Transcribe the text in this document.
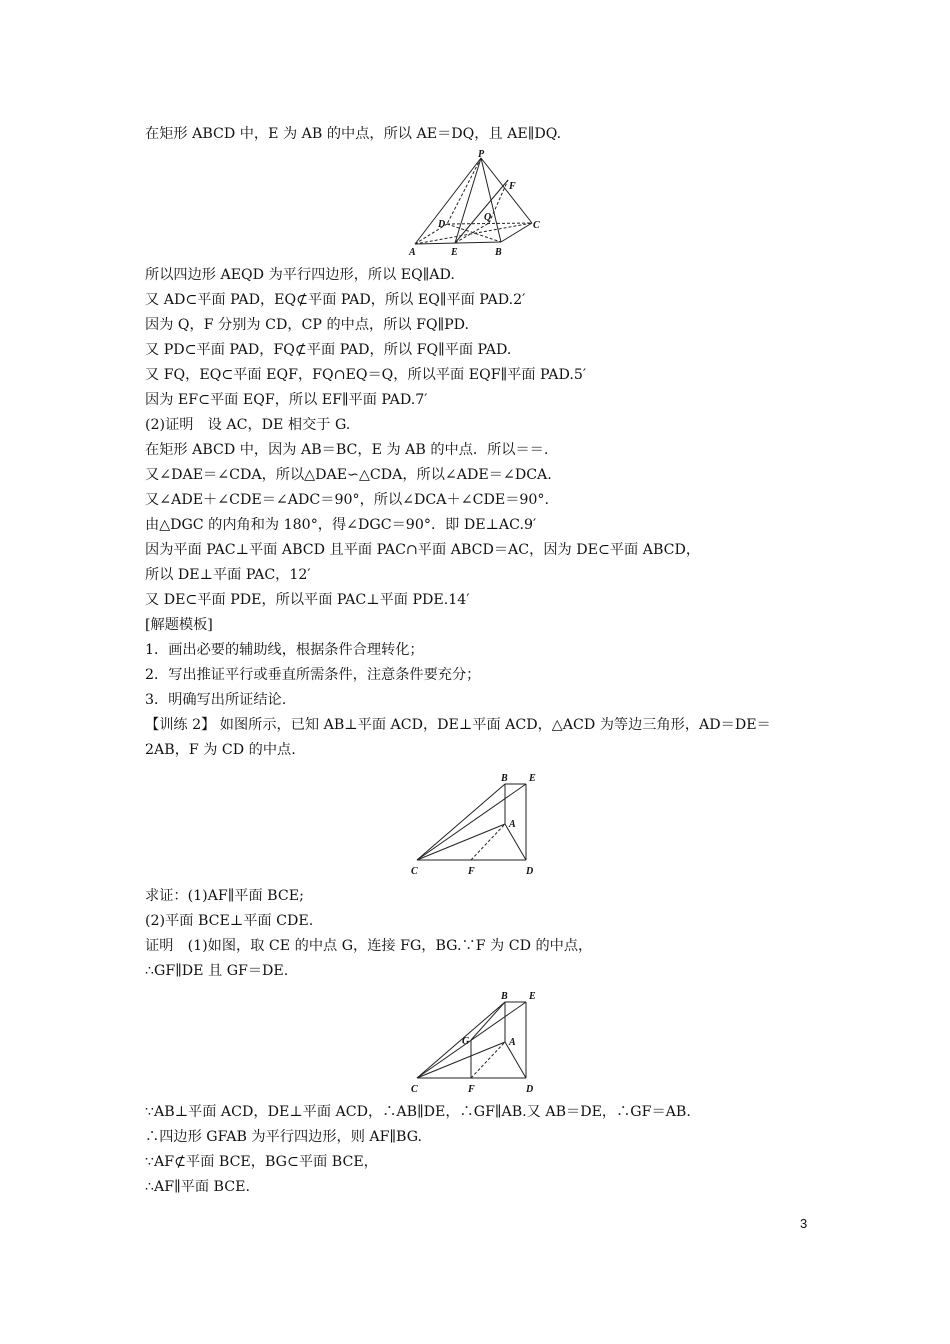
在矩形 ABCD 中，E 为 AB 的中点，所以 AE＝DQ，且 AE∥DQ.
P
F
D
Q
C
A	E	B
所以四边形 AEQD 为平行四边形，所以 EQ∥AD.
又 AD⊂平面 PAD，EQ⊄平面 PAD，所以 EQ∥平面 PAD.2′
因为 Q，F 分别为 CD，CP 的中点，所以 FQ∥PD.
又 PD⊂平面 PAD，FQ⊄平面 PAD，所以 FQ∥平面 PAD.
又 FQ，EQ⊂平面 EQF，FQ∩EQ＝Q，所以平面 EQF∥平面 PAD.5′
因为 EF⊂平面 EQF，所以 EF∥平面 PAD.7′
(2)证明　设 AC，DE 相交于 G.
在矩形 ABCD 中，因为 AB＝BC，E 为 AB 的中点．所以＝＝.
又∠DAE＝∠CDA，所以△DAE∽△CDA，所以∠ADE＝∠DCA.
又∠ADE＋∠CDE＝∠ADC＝90°，所以∠DCA＋∠CDE＝90°.
由△DGC 的内角和为 180°，得∠DGC＝90°．即 DE⊥AC.9′
因为平面 PAC⊥平面 ABCD 且平面 PAC∩平面 ABCD＝AC，因为 DE⊂平面 ABCD，
所以 DE⊥平面 PAC，12′
又 DE⊂平面 PDE，所以平面 PAC⊥平面 PDE.14′
[解题模板]
1．画出必要的辅助线，根据条件合理转化；
2．写出推证平行或垂直所需条件，注意条件要充分；
3．明确写出所证结论.
【训练 2】 如图所示，已知 AB⊥平面 ACD，DE⊥平面 ACD，△ACD 为等边三角形，AD＝DE＝
2AB，F 为 CD 的中点.
B E
A
C	F	D
求证：(1)AF∥平面 BCE;
(2)平面 BCE⊥平面 CDE.
证明　(1)如图，取 CE 的中点 G，连接 FG，BG.∵F 为 CD 的中点，
∴GF∥DE 且 GF＝DE.
B E
G	A
C	F	D
∵AB⊥平面 ACD，DE⊥平面 ACD，∴AB∥DE，∴GF∥AB.又 AB＝DE，∴GF＝AB.
∴四边形 GFAB 为平行四边形，则 AF∥BG.
∵AF⊄平面 BCE，BG⊂平面 BCE，
∴AF∥平面 BCE.
3
